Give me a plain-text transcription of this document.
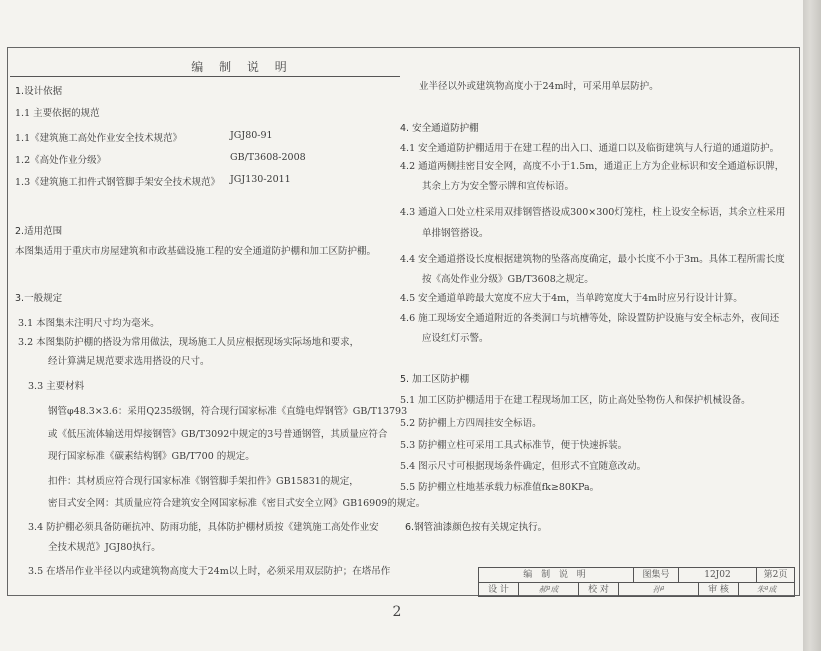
编 制 说 明
1.设计依据
1.1 主要依据的规范
1.1《建筑施工高处作业安全技术规范》	JGJ80-91
1.2《高处作业分级》	GB/T3608-2008
1.3《建筑施工扣件式钢管脚手架安全技术规范》 JGJ130-2011
2.适用范围
本图集适用于重庆市房屋建筑和市政基础设施工程的安全通道防护棚和加工区防护棚。
3.一般规定
3.1 本图集未注明尺寸均为毫米。
3.2 本图集防护棚的搭设为常用做法，现场施工人员应根据现场实际场地和要求，
经计算满足规范要求选用搭设的尺寸。
3.3 主要材料
钢管φ48.3×3.6：采用Q235级钢，符合现行国家标准《直缝电焊钢管》GB/T13793
或《低压流体输送用焊接钢管》GB/T3092中规定的3号普通钢管，其质量应符合
现行国家标准《碳素结构钢》GB/T700 的规定。
扣件：其材质应符合现行国家标准《钢管脚手架扣件》GB15831的规定，
密目式安全网：其质量应符合建筑安全网国家标准《密目式安全立网》GB16909的规定。
3.4 防护棚必须具备防砸抗冲、防雨功能，具体防护棚材质按《建筑施工高处作业安
全技术规范》JGJ80执行。
3.5 在塔吊作业半径以内或建筑物高度大于24m以上时，必须采用双层防护；在塔吊作
业半径以外或建筑物高度小于24m时，可采用单层防护。
4. 安全通道防护棚
4.1 安全通道防护棚适用于在建工程的出入口、通道口以及临街建筑与人行道的通道防护。
4.2 通道两侧挂密目安全网，高度不小于1.5m，通道正上方为企业标识和安全通道标识牌，
其余上方为安全警示牌和宣传标语。
4.3 通道入口处立柱采用双排钢管搭设成300×300灯笼柱，柱上设安全标语，其余立柱采用
单排钢管搭设。
4.4 安全通道搭设长度根据建筑物的坠落高度确定，最小长度不小于3m。具体工程所需长度
按《高处作业分级》GB/T3608之规定。
4.5 安全通道单跨最大宽度不应大于4m，当单跨宽度大于4m时应另行设计计算。
4.6 施工现场安全通道附近的各类洞口与坑槽等处，除设置防护设施与安全标志外，夜间还
应设红灯示警。
5. 加工区防护棚
5.1 加工区防护棚适用于在建工程现场加工区，防止高处坠物伤人和保护机械设备。
5.2 防护棚上方四周挂安全标语。
5.3 防护棚立柱可采用工具式标准节，便于快速拆装。
5.4 图示尺寸可根据现场条件确定，但形式不宜随意改动。
5.5 防护棚立柱地基承载力标准值fk≥80KPa。
6.钢管油漆颜色按有关规定执行。
编 制 说 明	图集号	12J02	第2页
设 计	郝ª成	校 对	孙ª	审 核	朱ª成
2
